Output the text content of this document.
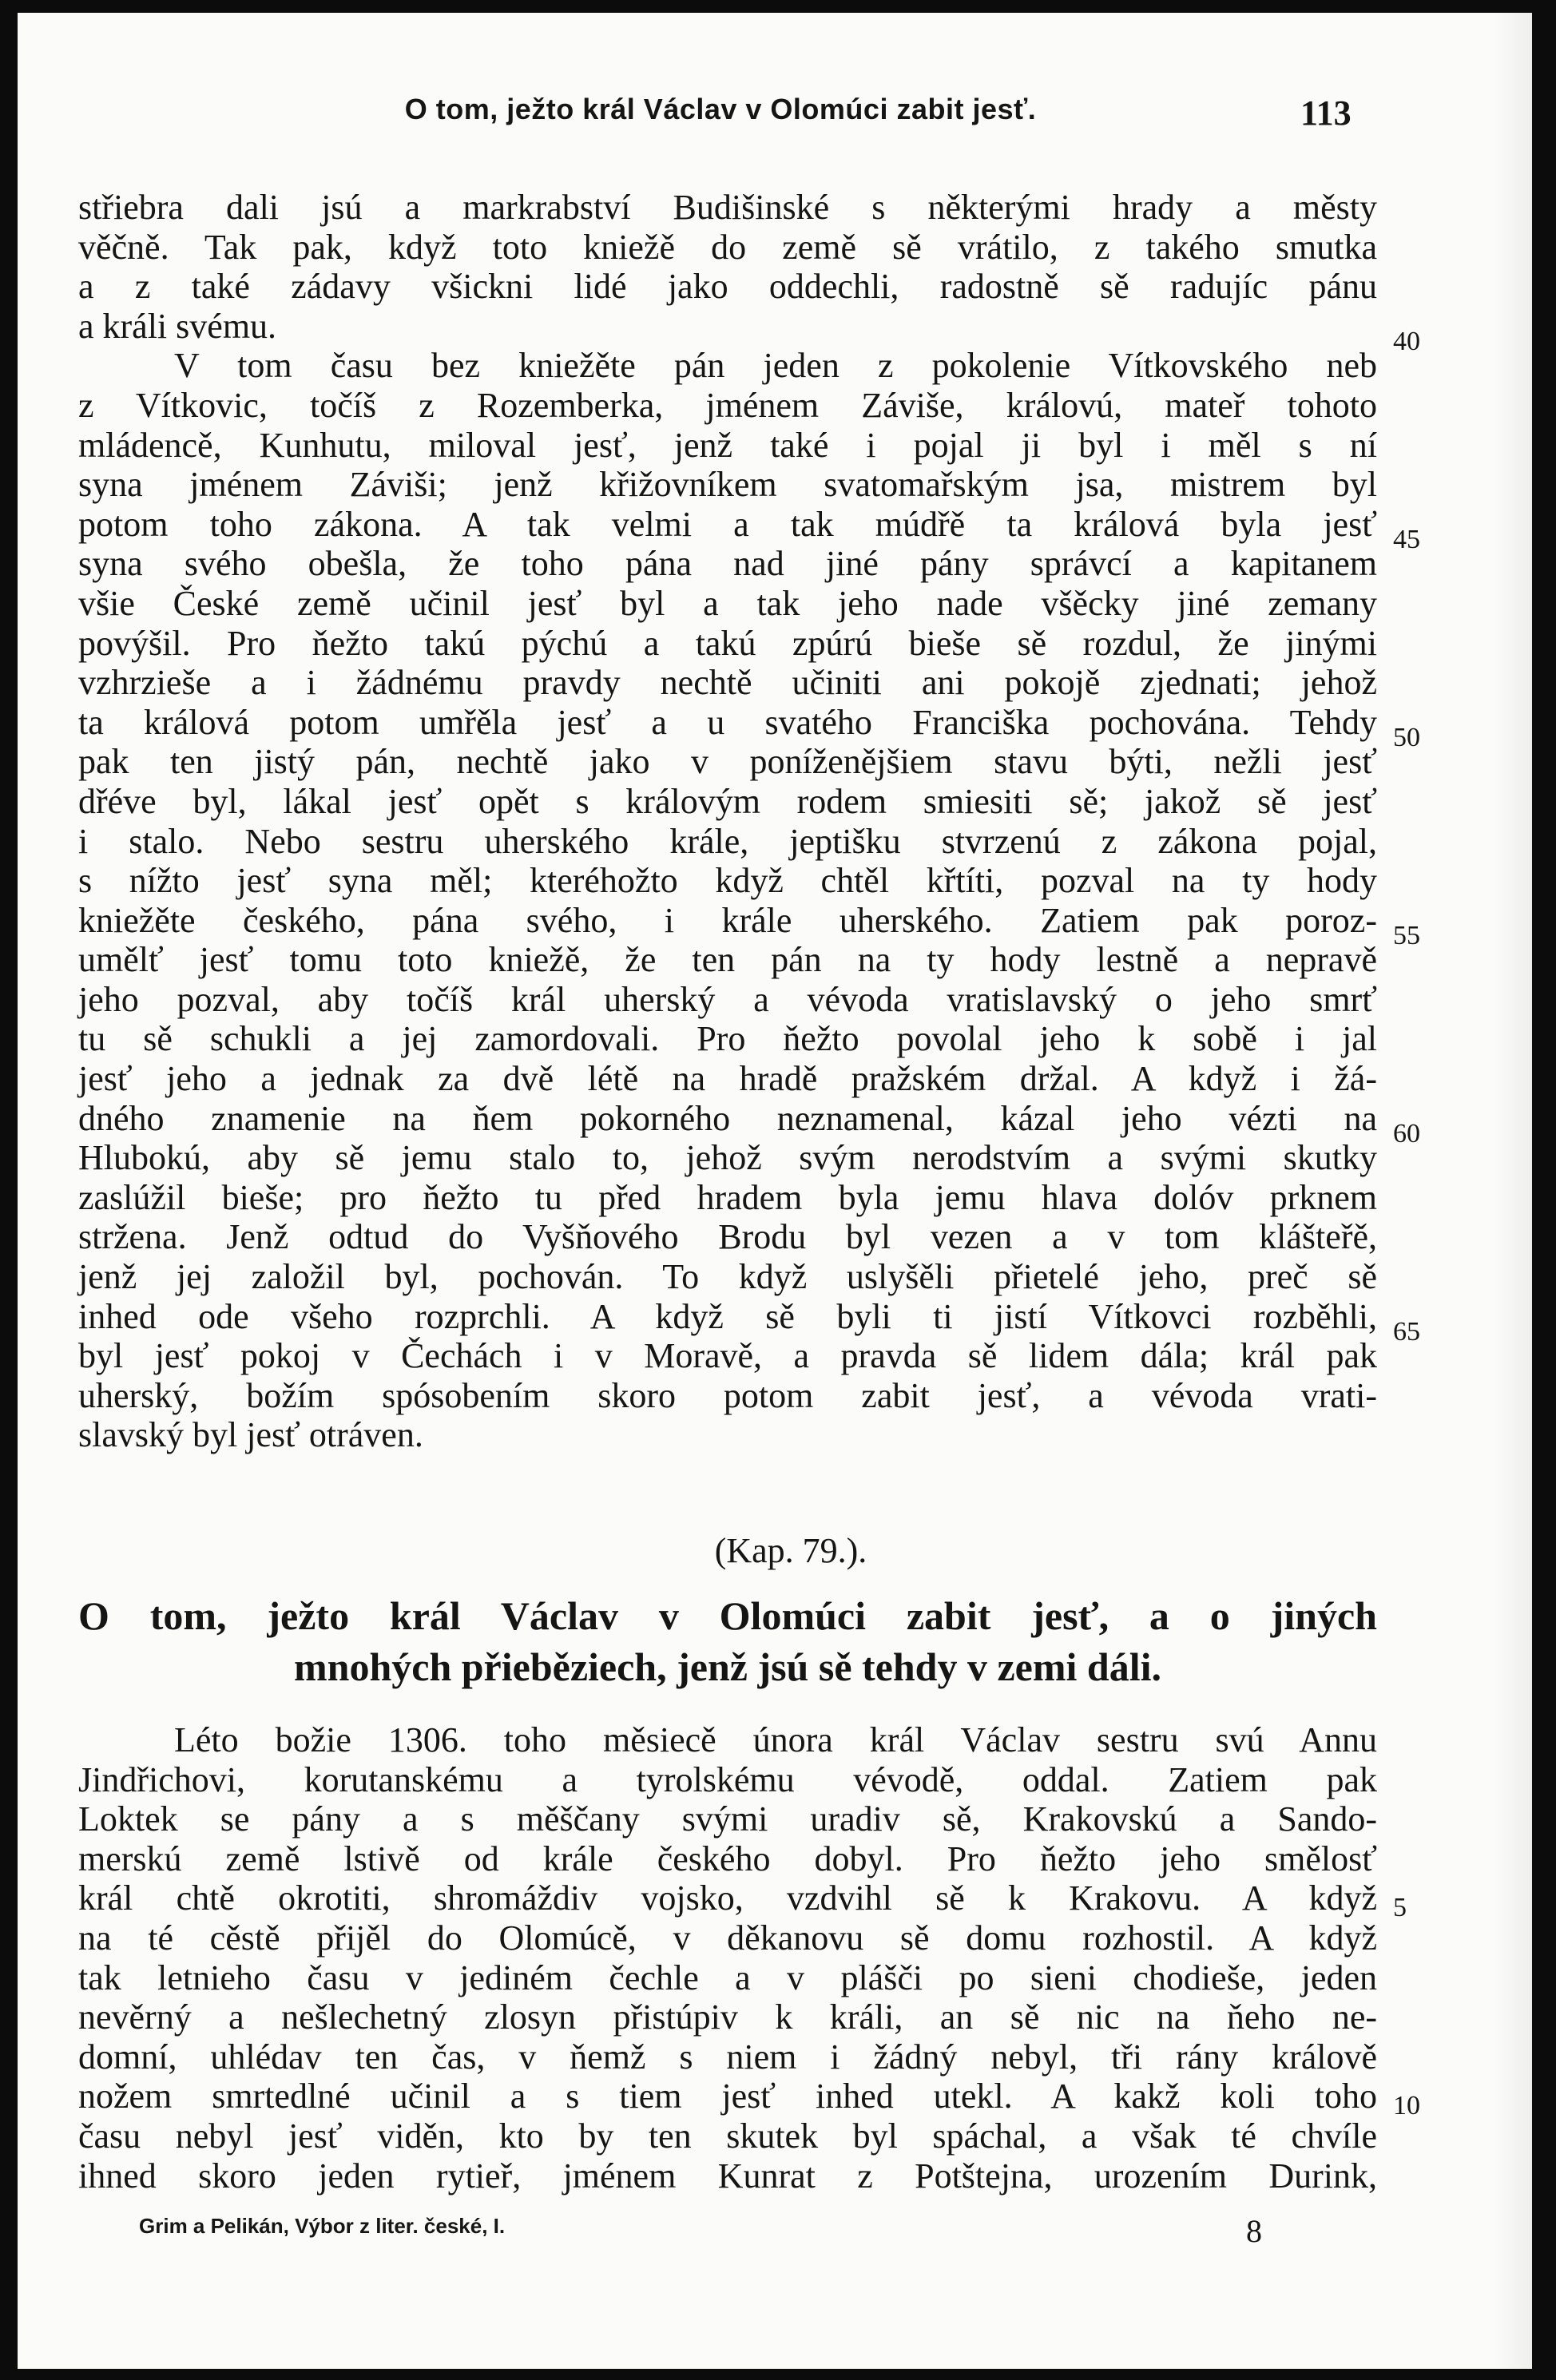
O tom, ježto král Václav v Olomúci zabit jesť.	113
střiebra dali jsú a markrabství Budišinské s některými hrady a městy
věčně. Tak pak, když toto kniežě do země sě vrátilo, z takého smutka
a z také zádavy všickni lidé jako oddechli, radostně sě radujíc pánu
a králi svému.
V tom času bez kniežěte pán jeden z pokolenie Vítkovského neb
z Vítkovic, točíš z Rozemberka, jménem Záviše, královú, mateř tohoto
mládencě, Kunhutu, miloval jesť, jenž také i pojal ji byl i měl s ní
syna jménem Záviši; jenž křižovníkem svatomařským jsa, mistrem byl
potom toho zákona. A tak velmi a tak múdřě ta králová byla jesť
syna svého obešla, že toho pána nad jiné pány správcí a kapitanem
všie České země učinil jesť byl a tak jeho nade všěcky jiné zemany
povýšil. Pro ňežto takú pýchú a takú zpúrú bieše sě rozdul, že jinými
vzhrzieše a i žádnému pravdy nechtě učiniti ani pokojě zjednati; jehož
ta králová potom umřěla jesť a u svatého Franciška pochována. Tehdy
pak ten jistý pán, nechtě jako v poníženějšiem stavu býti, nežli jesť
dřéve byl, lákal jesť opět s královým rodem smiesiti sě; jakož sě jesť
i stalo. Nebo sestru uherského krále, jeptišku stvrzenú z zákona pojal,
s nížto jesť syna měl; kteréhožto když chtěl křtíti, pozval na ty hody
kniežěte českého, pána svého, i krále uherského. Zatiem pak poroz-
umělť jesť tomu toto kniežě, že ten pán na ty hody lestně a nepravě
jeho pozval, aby točíš král uherský a vévoda vratislavský o jeho smrť
tu sě schukli a jej zamordovali. Pro ňežto povolal jeho k sobě i jal
jesť jeho a jednak za dvě létě na hradě pražském držal. A když i žá-
dného znamenie na ňem pokorného neznamenal, kázal jeho vézti na
Hlubokú, aby sě jemu stalo to, jehož svým nerodstvím a svými skutky
zaslúžil bieše; pro ňežto tu před hradem byla jemu hlava dolóv prknem
stržena. Jenž odtud do Vyšňového Brodu byl vezen a v tom klášteřě,
jenž jej založil byl, pochován. To když uslyšěli přietelé jeho, preč sě
inhed ode všeho rozprchli. A když sě byli ti jistí Vítkovci rozběhli,
byl jesť pokoj v Čechách i v Moravě, a pravda sě lidem dála; král pak
uherský, božím spósobením skoro potom zabit jesť, a vévoda vrati-
slavský byl jesť otráven.
40
45
50
55
60
65
(Kap. 79.).
O tom, ježto král Václav v Olomúci zabit jesť, a o jiných
mnohých přieběziech, jenž jsú sě tehdy v zemi dáli.
Léto božie 1306. toho měsiecě února král Václav sestru svú Annu
Jindřichovi, korutanskému a tyrolskému vévodě, oddal. Zatiem pak
Loktek se pány a s měščany svými uradiv sě, Krakovskú a Sando-
merskú země lstivě od krále českého dobyl. Pro ňežto jeho smělosť
král chtě okrotiti, shromáždiv vojsko, vzdvihl sě k Krakovu. A když
na té cěstě přijěl do Olomúcě, v děkanovu sě domu rozhostil. A když
tak letnieho času v jediném čechle a v plášči po sieni chodieše, jeden
nevěrný a nešlechetný zlosyn přistúpiv k králi, an sě nic na ňeho ne-
domní, uhlédav ten čas, v ňemž s niem i žádný nebyl, tři rány králově
nožem smrtedlné učinil a s tiem jesť inhed utekl. A kakž koli toho
času nebyl jesť viděn, kto by ten skutek byl spáchal, a však té chvíle
ihned skoro jeden rytieř, jménem Kunrat z Potštejna, urozením Durink,
5
10
Grim a Pelikán, Výbor z liter. české, I.	8
